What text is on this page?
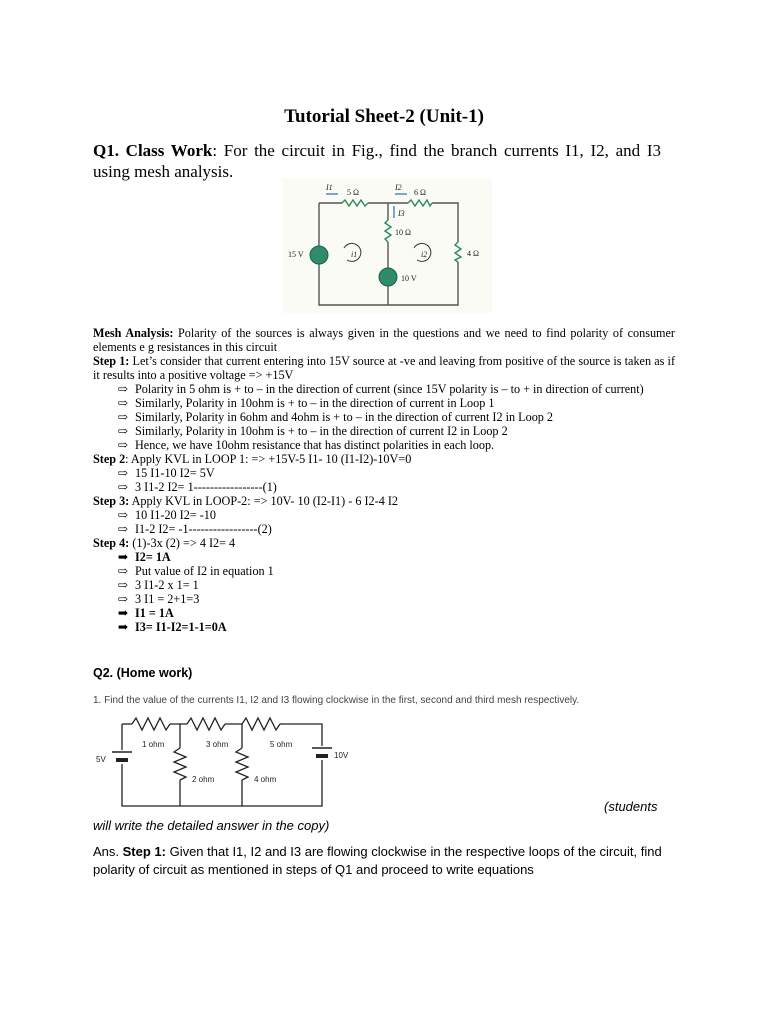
Tutorial Sheet-2 (Unit-1)
Q1. Class Work: For the circuit in Fig., find the branch currents I1, I2, and I3 using mesh analysis.
I1	I2
I3
5 Ω	6 Ω
10 Ω
4 Ω
15 V
10 V
i1	i2

Mesh Analysis: Polarity of the sources is always given in the questions and we need to find polarity of consumer elements e g resistances in this circuit

Step 1: Let’s consider that current entering into 15V source at -ve and leaving from positive of the source is taken as if it results into a positive voltage => +15V

⇨ Polarity in 5 ohm is + to – in the direction of current (since 15V polarity is – to + in direction of current)
⇨ Similarly, Polarity in 10ohm is + to – in the direction of current in Loop 1
⇨ Similarly, Polarity in 6ohm and 4ohm is + to – in the direction of current I2 in Loop 2
⇨ Similarly, Polarity in 10ohm is + to – in the direction of current I2 in Loop 2
⇨ Hence, we have 10ohm resistance that has distinct polarities in each loop.

Step 2: Apply KVL in LOOP 1: => +15V-5 I1- 10 (I1-I2)-10V=0

⇨ 15 I1-10 I2= 5V
⇨ 3 I1-2 I2= 1-----------------(1)

Step 3: Apply KVL in LOOP-2: => 10V- 10 (I2-I1) - 6 I2-4 I2

⇨ 10 I1-20 I2= -10
⇨ I1-2 I2= -1-----------------(2)

Step 4: (1)-3x (2) => 4 I2= 4

➡ I2= 1A
⇨ Put value of I2 in equation 1
⇨ 3 I1-2 x 1= 1
⇨ 3 I1 = 2+1=3
➡ I1 = 1A
➡ I3= I1-I2=1-1=0A
Q2. (Home work)
1. Find the value of the currents I1, I2 and I3 flowing clockwise in the first, second and third mesh respectively.
1 ohm	3 ohm	5 ohm
2 ohm	4 ohm
5V	10V
(students
will write the detailed answer in the copy)
Ans. Step 1: Given that I1, I2 and I3 are flowing clockwise in the respective loops of the circuit, find polarity of circuit as mentioned in steps of Q1 and proceed to write equations
